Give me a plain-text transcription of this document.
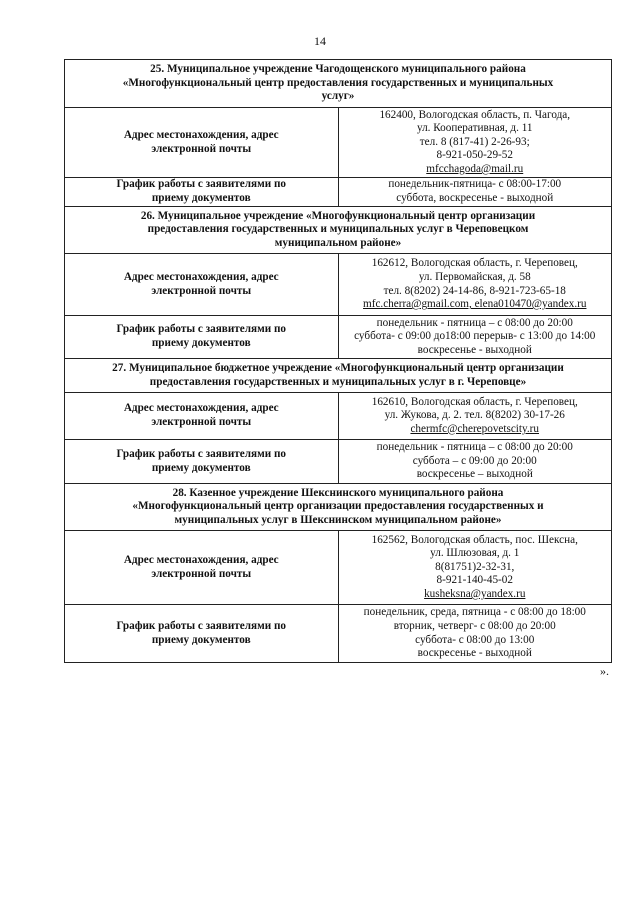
14
25. Муниципальное учреждение Чагодощенского муниципального района
«Многофункциональный центр предоставления государственных и муниципальных
услуг»	

Адрес местонахождения, адрес
электронной почты	162400, Вологодская область, п. Чагода,
ул. Кооперативная, д. 11
тел. 8 (817-41) 2-26-93;
8-921-050-29-52
mfcchagoda@mail.ru

График работы с заявителями по
приему документов	понедельник-пятница- с 08:00-17:00
суббота, воскресенье - выходной

26. Муниципальное учреждение «Многофункциональный центр организации
предоставления государственных и муниципальных услуг в Череповецком
муниципальном районе»	

Адрес местонахождения, адрес
электронной почты	162612, Вологодская область, г. Череповец,
ул. Первомайская, д. 58
тел. 8(8202) 24-14-86, 8-921-723-65-18
mfc.cherra@gmail.com, elena010470@yandex.ru

График работы с заявителями по
приему документов	понедельник - пятница – с 08:00 до 20:00
суббота- с 09:00 до18:00 перерыв- с 13:00 до 14:00
воскресенье - выходной

27. Муниципальное бюджетное учреждение «Многофункциональный центр организации
предоставления государственных и муниципальных услуг в г. Череповце»	

Адрес местонахождения, адрес
электронной почты	162610, Вологодская область, г. Череповец,
ул. Жукова, д. 2. тел. 8(8202) 30-17-26
chermfc@cherepovetscity.ru

График работы с заявителями по
приему документов	понедельник - пятница – с 08:00 до 20:00
суббота – с 09:00 до 20:00
воскресенье – выходной

28. Казенное учреждение Шекснинского муниципального района
«Многофункциональный центр организации предоставления государственных и
муниципальных услуг в Шекснинском муниципальном районе»	

Адрес местонахождения, адрес
электронной почты	162562, Вологодская область, пос. Шексна,
ул. Шлюзовая, д. 1
8(81751)2-32-31,
8-921-140-45-02
kusheksna@yandex.ru

График работы с заявителями по
приему документов	понедельник, среда, пятница - с 08:00 до 18:00
вторник, четверг- с 08:00 до 20:00
суббота- с 08:00 до 13:00
воскресенье - выходной
».
